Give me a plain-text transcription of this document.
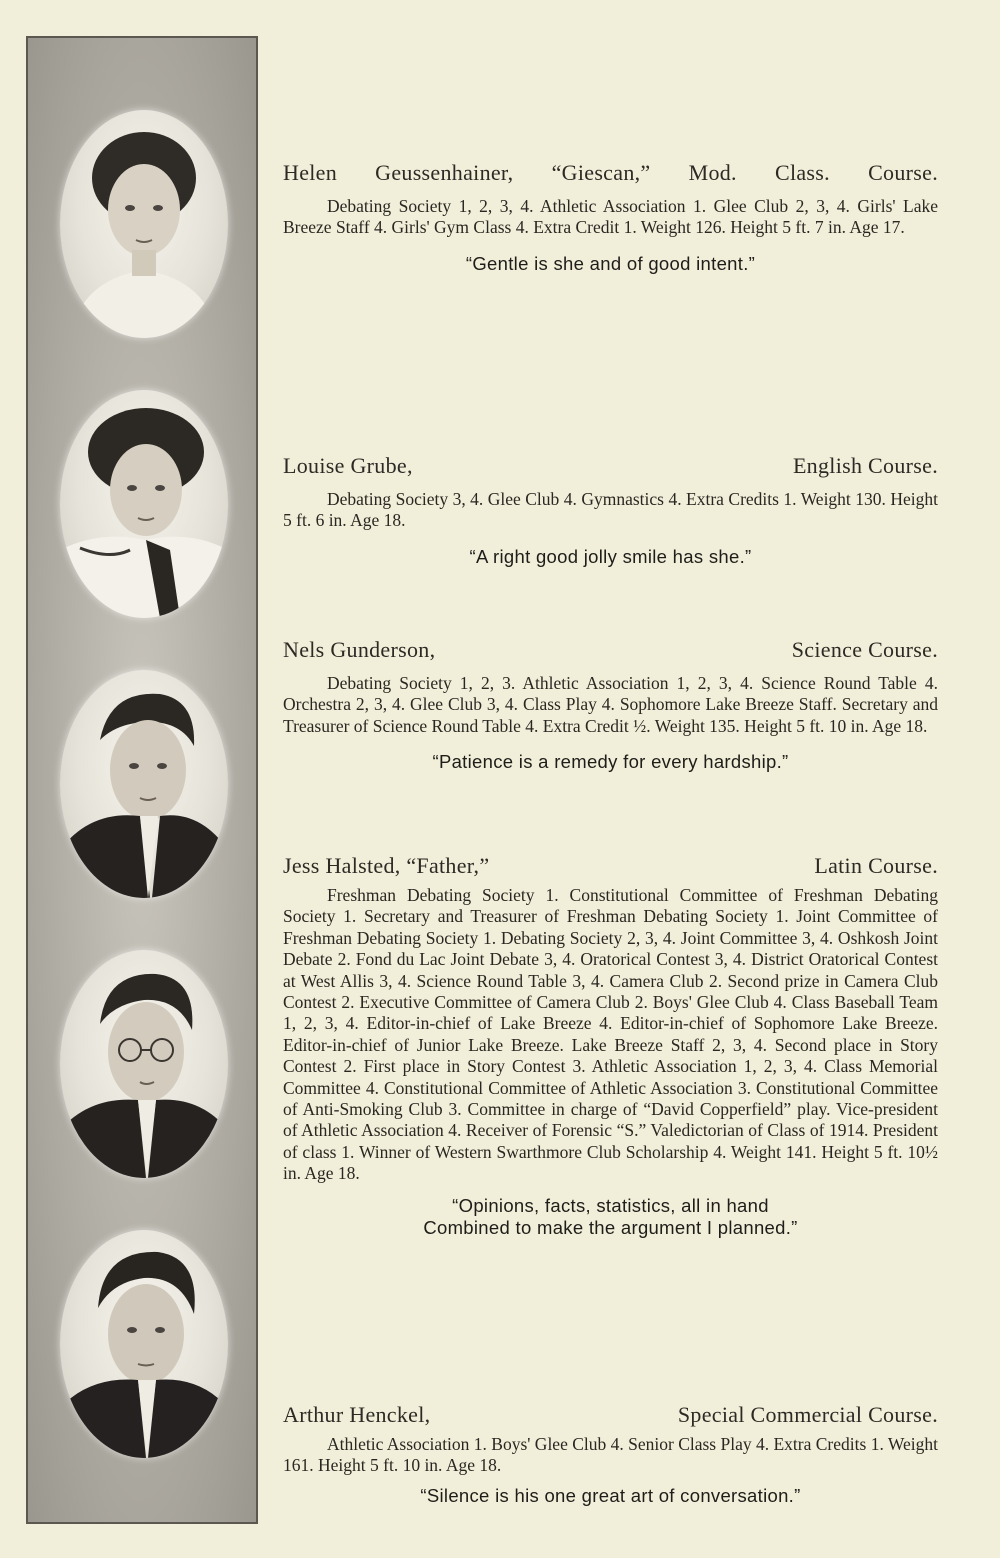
Helen Geussenhainer, “Giescan,” Mod. Class. Course.
Debating Society 1, 2, 3, 4. Athletic Association 1. Glee Club 2, 3, 4. Girls' Lake Breeze Staff 4. Girls' Gym Class 4. Extra Credit 1. Weight 126. Height 5 ft. 7 in. Age 17.
“Gentle is she and of good intent.”
Louise Grube,	English Course.
Debating Society 3, 4. Glee Club 4. Gymnastics 4. Extra Credits 1. Weight 130. Height 5 ft. 6 in. Age 18.
“A right good jolly smile has she.”
Nels Gunderson,	Science Course.
Debating Society 1, 2, 3. Athletic Association 1, 2, 3, 4. Science Round Table 4. Orchestra 2, 3, 4. Glee Club 3, 4. Class Play 4. Sophomore Lake Breeze Staff. Secretary and Treasurer of Science Round Table 4. Extra Credit ½. Weight 135. Height 5 ft. 10 in. Age 18.
“Patience is a remedy for every hardship.”
Jess Halsted, “Father,”	Latin Course.
Freshman Debating Society 1. Constitutional Committee of Freshman Debating Society 1. Secretary and Treasurer of Freshman Debating Society 1. Joint Committee of Freshman Debating Society 1. Debating Society 2, 3, 4. Joint Committee 3, 4. Oshkosh Joint Debate 2. Fond du Lac Joint Debate 3, 4. Oratorical Contest 3, 4. District Oratorical Contest at West Allis 3, 4. Science Round Table 3, 4. Camera Club 2. Second prize in Camera Club Contest 2. Executive Committee of Camera Club 2. Boys' Glee Club 4. Class Baseball Team 1, 2, 3, 4. Editor-in-chief of Lake Breeze 4. Editor-in-chief of Sophomore Lake Breeze. Editor-in-chief of Junior Lake Breeze. Lake Breeze Staff 2, 3, 4. Second place in Story Contest 2. First place in Story Contest 3. Athletic Association 1, 2, 3, 4. Class Memorial Committee 4. Constitutional Committee of Athletic Association 3. Constitutional Committee of Anti-Smoking Club 3. Committee in charge of “David Copperfield” play. Vice-president of Athletic Association 4. Receiver of Forensic “S.” Valedictorian of Class of 1914. President of class 1. Winner of Western Swarthmore Club Scholarship 4. Weight 141. Height 5 ft. 10½ in. Age 18.
“Opinions, facts, statistics, all in hand
Combined to make the argument I planned.”
Arthur Henckel,	Special Commercial Course.
Athletic Association 1. Boys' Glee Club 4. Senior Class Play 4. Extra Credits 1. Weight 161. Height 5 ft. 10 in. Age 18.
“Silence is his one great art of conversation.”
